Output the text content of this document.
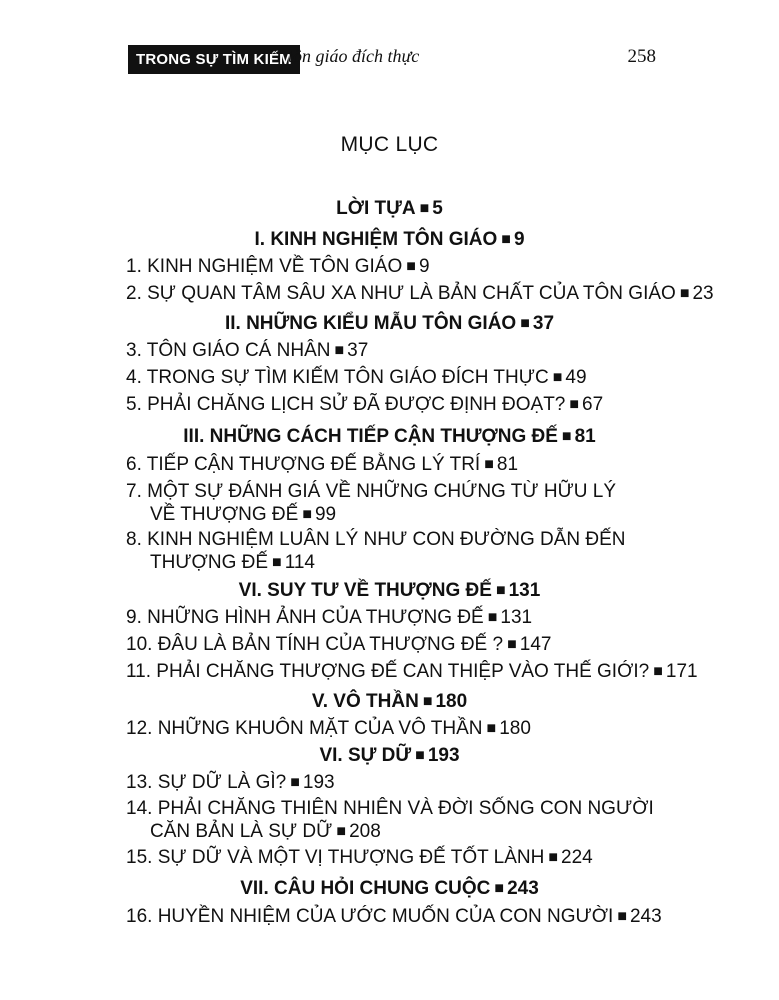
TRONG SỰ TÌM KIẾM
tôn giáo đích thực	258
MỤC LỤC
LỜI TỰA ■ 5
I. KINH NGHIỆM TÔN GIÁO ■ 9
1. KINH NGHIỆM VỀ TÔN GIÁO ■ 9
2. SỰ QUAN TÂM SÂU XA NHƯ LÀ BẢN CHẤT CỦA TÔN GIÁO ■ 23
II. NHỮNG KIỂU MẪU TÔN GIÁO ■ 37
3. TÔN GIÁO CÁ NHÂN ■ 37
4. TRONG SỰ TÌM KIẾM TÔN GIÁO ĐÍCH THỰC ■ 49
5. PHẢI CHĂNG LỊCH SỬ ĐÃ ĐƯỢC ĐỊNH ĐOẠT? ■ 67
III. NHỮNG CÁCH TIẾP CẬN THƯỢNG ĐẾ ■ 81
6. TIẾP CẬN THƯỢNG ĐẾ BẰNG LÝ TRÍ ■ 81
7. MỘT SỰ ĐÁNH GIÁ VỀ NHỮNG CHỨNG TỪ HỮU LÝ
VỀ THƯỢNG ĐẾ ■ 99
8. KINH NGHIỆM LUÂN LÝ NHƯ CON ĐƯỜNG DẪN ĐẾN
THƯỢNG ĐẾ ■ 114
VI. SUY TƯ VỀ THƯỢNG ĐẾ ■ 131
9. NHỮNG HÌNH ẢNH CỦA THƯỢNG ĐẾ ■ 131
10. ĐÂU LÀ BẢN TÍNH CỦA THƯỢNG ĐẾ ? ■ 147
11. PHẢI CHĂNG THƯỢNG ĐẾ CAN THIỆP VÀO THẾ GIỚI? ■ 171
V. VÔ THẦN ■ 180
12. NHỮNG KHUÔN MẶT CỦA VÔ THẦN ■ 180
VI. SỰ DỮ ■ 193
13. SỰ DỮ LÀ GÌ? ■ 193
14. PHẢI CHĂNG THIÊN NHIÊN VÀ ĐỜI SỐNG CON NGƯỜI
CĂN BẢN LÀ SỰ DỮ ■ 208
15. SỰ DỮ VÀ MỘT VỊ THƯỢNG ĐẾ TỐT LÀNH ■ 224
VII. CÂU HỎI CHUNG CUỘC ■ 243
16. HUYỀN NHIỆM CỦA ƯỚC MUỐN CỦA CON NGƯỜI ■ 243
